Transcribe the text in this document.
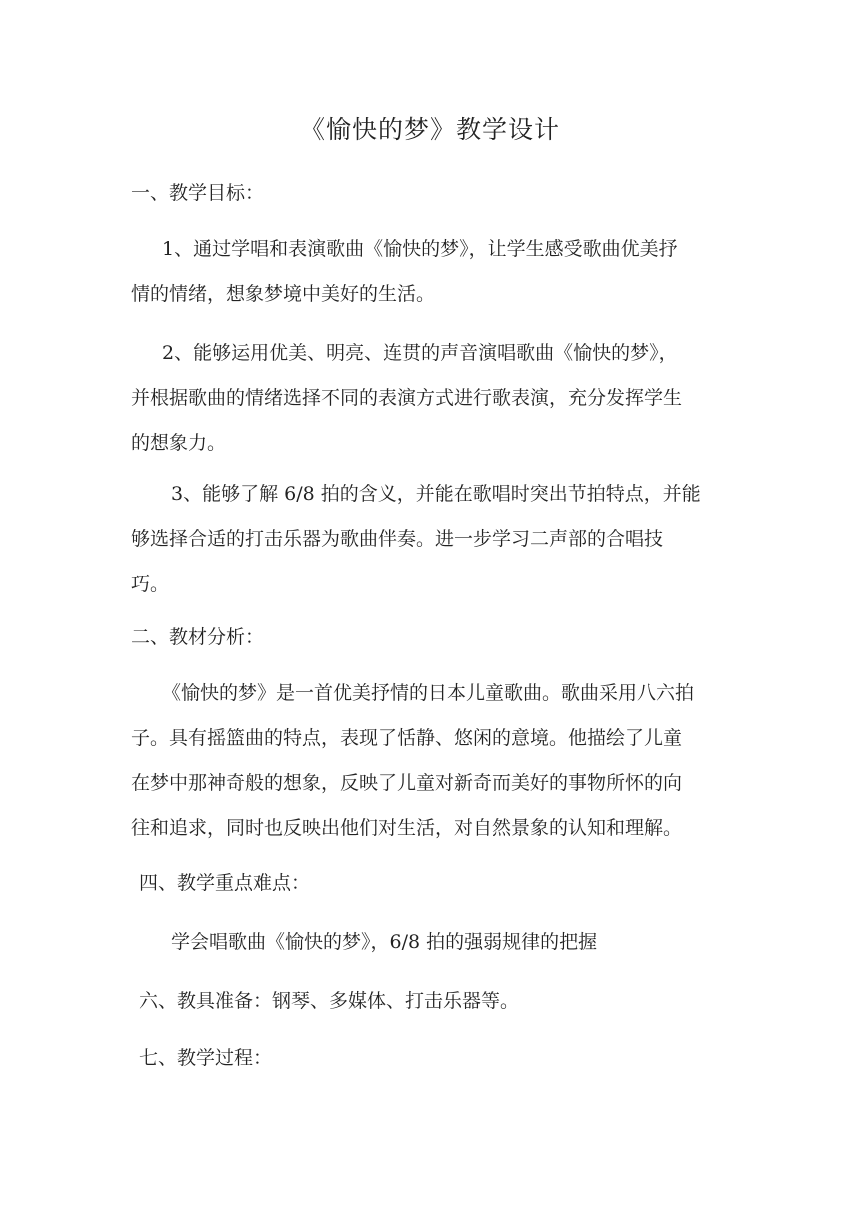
《愉快的梦》教学设计
一、教学目标：
1、通过学唱和表演歌曲《愉快的梦》，让学生感受歌曲优美抒
情的情绪，想象梦境中美好的生活。
2、能够运用优美、明亮、连贯的声音演唱歌曲《愉快的梦》，
并根据歌曲的情绪选择不同的表演方式进行歌表演，充分发挥学生
的想象力。
3、能够了解 6/8 拍的含义，并能在歌唱时突出节拍特点，并能
够选择合适的打击乐器为歌曲伴奏。进一步学习二声部的合唱技
巧。
二、教材分析：
《愉快的梦》是一首优美抒情的日本儿童歌曲。歌曲采用八六拍
子。具有摇篮曲的特点，表现了恬静、悠闲的意境。他描绘了儿童
在梦中那神奇般的想象，反映了儿童对新奇而美好的事物所怀的向
往和追求，同时也反映出他们对生活，对自然景象的认知和理解。
四、教学重点难点：
学会唱歌曲《愉快的梦》，6/8 拍的强弱规律的把握
六、教具准备：钢琴、多媒体、打击乐器等。
七、教学过程：
